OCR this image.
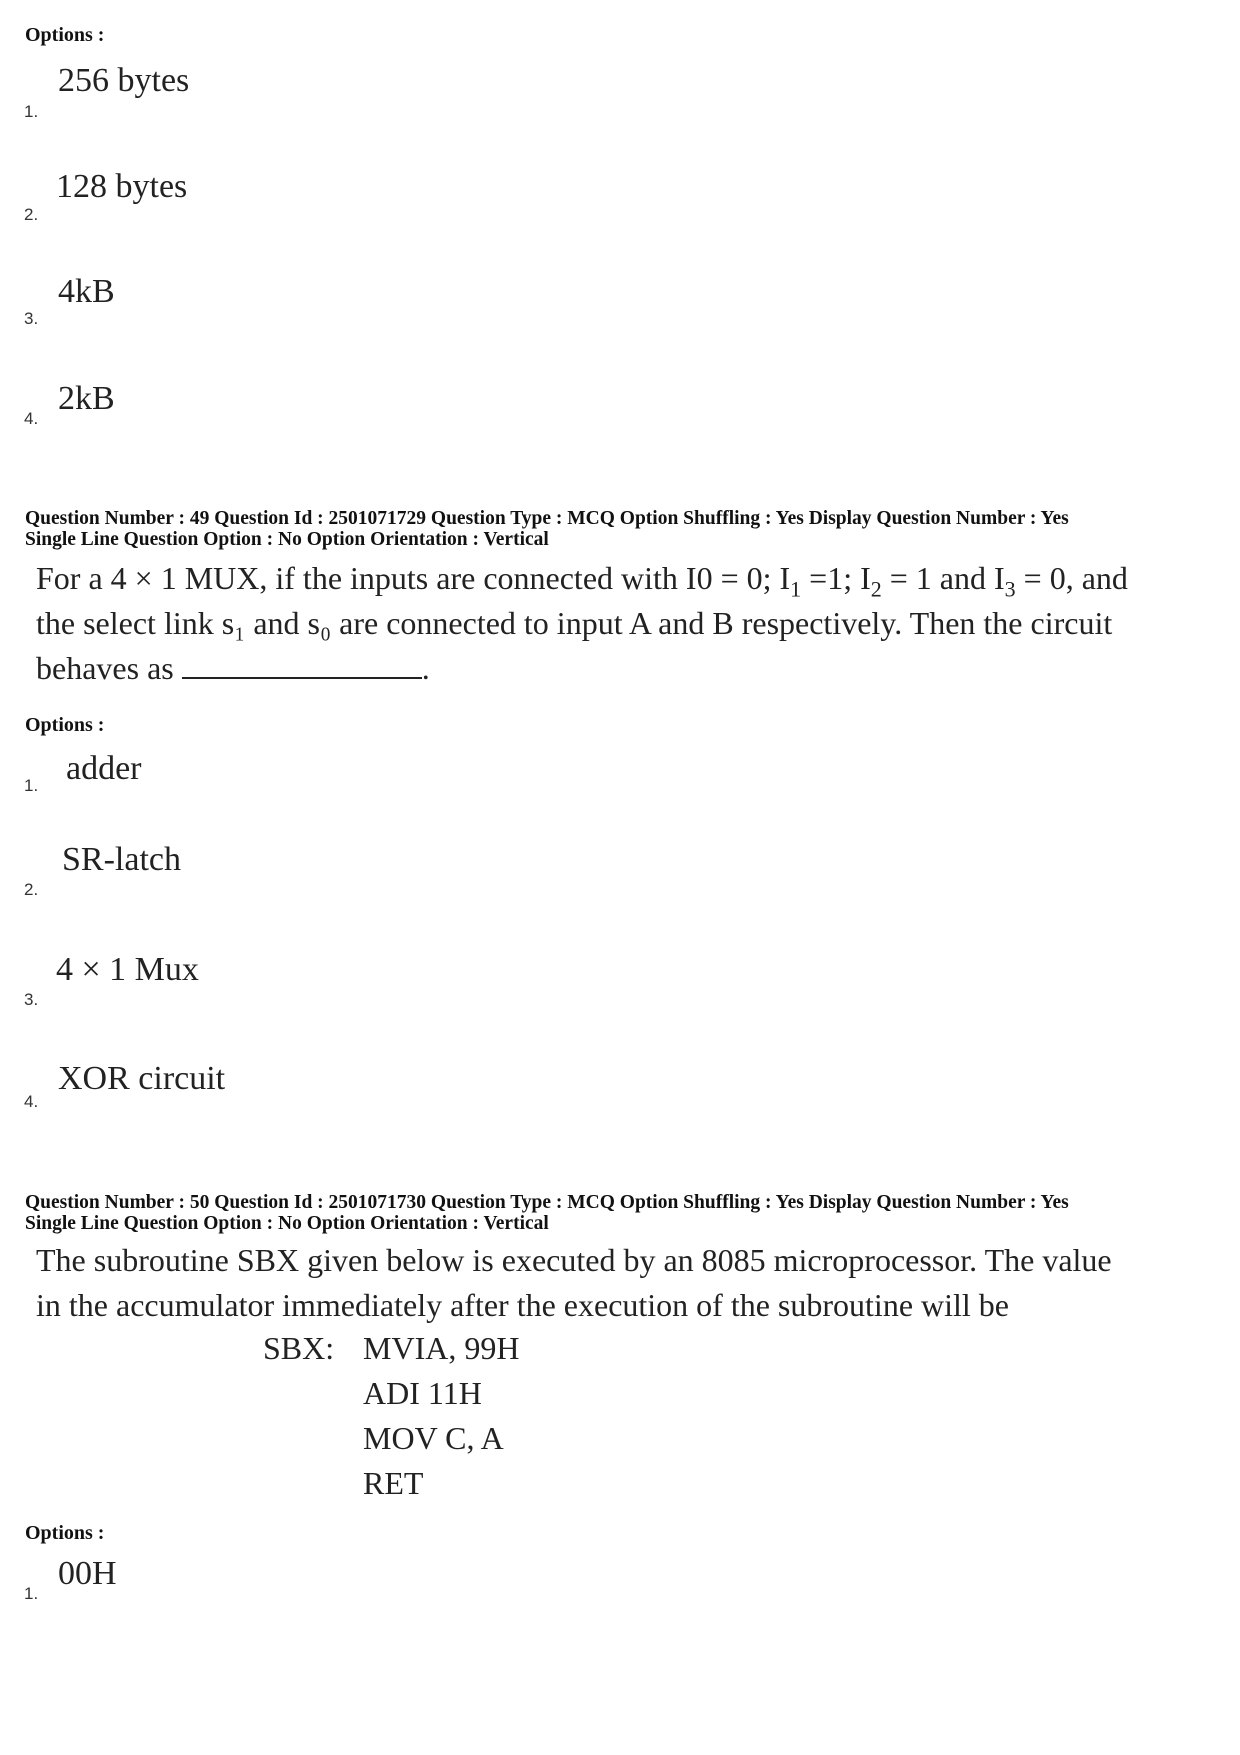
Options :
1.
256 bytes
2.
128 bytes
3.
4kB
4.
2kB
Question Number : 49 Question Id : 2501071729 Question Type : MCQ Option Shuffling : Yes Display Question Number : Yes
Single Line Question Option : No Option Orientation : Vertical
For a 4 × 1 MUX, if the inputs are connected with I0 = 0; $I_1 =1$; $I_2 = 1$ and $I_3 = 0$, and
the select link s₁ and s₀ are connected to input A and B respectively. Then the circuit
behaves as	.
Options :
1. adder
2.
SR-latch
3.
4 × 1 Mux
4.
XOR circuit
Question Number : 50 Question Id : 2501071730 Question Type : MCQ Option Shuffling : Yes Display Question Number : Yes
Single Line Question Option : No Option Orientation : Vertical
The subroutine SBX given below is executed by an 8085 microprocessor. The value
in the accumulator immediately after the execution of the subroutine will be
SBX: MVIA, 99H
ADI 11H
MOV C, A
RET
Options :
1.
00H
